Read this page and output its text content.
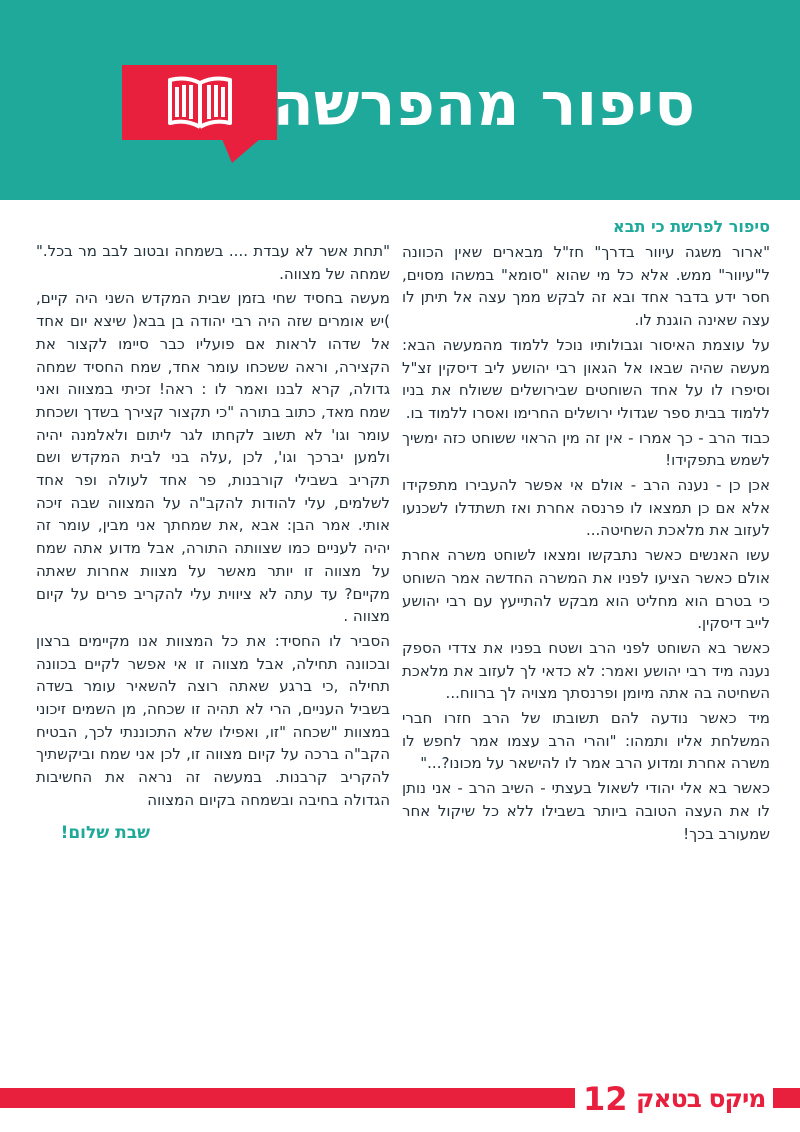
סיפור מהפרשה

סיפור לפרשת כי תבא

"ארור משגה עיוור בדרך" חז"ל מבארים שאין הכוונה ל"עיוור" ממש. אלא כל מי שהוא "סומא" במשהו מסוים, חסר ידע בדבר אחד ובא זה לבקש ממך עצה אל תיתן לו עצה שאינה הוגנת לו.

על עוצמת האיסור וגבולותיו נוכל ללמוד מהמעשה הבא: מעשה שהיה שבאו אל הגאון רבי יהושע ליב דיסקין זצ"ל וסיפרו לו על אחד השוחטים שבירושלים ששולח את בניו ללמוד בבית ספר שגדולי ירושלים החרימו ואסרו ללמוד בו.

כבוד הרב - כך אמרו - אין זה מין הראוי ששוחט כזה ימשיך לשמש בתפקידו!

אכן כן - נענה הרב - אולם אי אפשר להעבירו מתפקידו אלא אם כן תמצאו לו פרנסה אחרת ואז תשתדלו לשכנעו לעזוב את מלאכת השחיטה...

עשו האנשים כאשר נתבקשו ומצאו לשוחט משרה אחרת אולם כאשר הציעו לפניו את המשרה החדשה אמר השוחט כי בטרם הוא מחליט הוא מבקש להתייעץ עם רבי יהושע לייב דיסקין.

כאשר בא השוחט לפני הרב ושטח בפניו את צדדי הספק נענה מיד רבי יהושע ואמר: לא כדאי לך לעזוב את מלאכת השחיטה בה אתה מיומן ופרנסתך מצויה לך ברווח...

מיד כאשר נודעה להם תשובתו של הרב חזרו חברי המשלחת אליו ותמהו: "והרי הרב עצמו אמר לחפש לו משרה אחרת ומדוע הרב אמר לו להישאר על מכונו?..."

כאשר בא אלי יהודי לשאול בעצתי - השיב הרב - אני נותן לו את העצה הטובה ביותר בשבילו ללא כל שיקול אחר שמעורב בכך!

"תחת אשר לא עבדת .... בשמחה ובטוב לבב מר בכל." שמחה של מצווה.

מעשה בחסיד שחי בזמן שבית המקדש השני היה קיים, )יש אומרים שזה היה רבי יהודה בן בבא( שיצא יום אחד אל שדהו לראות אם פועליו כבר סיימו לקצור את הקצירה, וראה ששכחו עומר אחד, שמח החסיד שמחה גדולה, קרא לבנו ואמר לו : ראה! זכיתי במצווה ואני שמח מאד, כתוב בתורה "כי תקצור קצירך בשדך ושכחת עומר וגו' לא תשוב לקחתו לגר ליתום ולאלמנה יהיה ולמען יברכך וגו', לכן ,עלה בני לבית המקדש ושם תקריב בשבילי קורבנות, פר אחד לעולה ופר אחד לשלמים, עלי להודות להקב"ה על המצווה שבה זיכה אותי. אמר הבן: אבא ,את שמחתך אני מבין, עומר זה יהיה לעניים כמו שצוותה התורה, אבל מדוע אתה שמח על מצווה זו יותר מאשר על מצוות אחרות שאתה מקיים? עד עתה לא ציווית עלי להקריב פרים על קיום מצווה .

הסביר לו החסיד: את כל המצוות אנו מקיימים ברצון ובכוונה תחילה, אבל מצווה זו אי אפשר לקיים בכוונה תחילה ,כי ברגע שאתה רוצה להשאיר עומר בשדה בשביל העניים, הרי לא תהיה זו שכחה, מן השמים זיכוני במצוות "שכחה "זו, ואפילו שלא התכוננתי לכך, הבטיח הקב"ה ברכה על קיום מצווה זו, לכן אני שמח וביקשתיך להקריב קרבנות. במעשה זה נראה את החשיבות הגדולה בחיבה ובשמחה בקיום המצווה

שבת שלום!

12 מיקס בטאק
